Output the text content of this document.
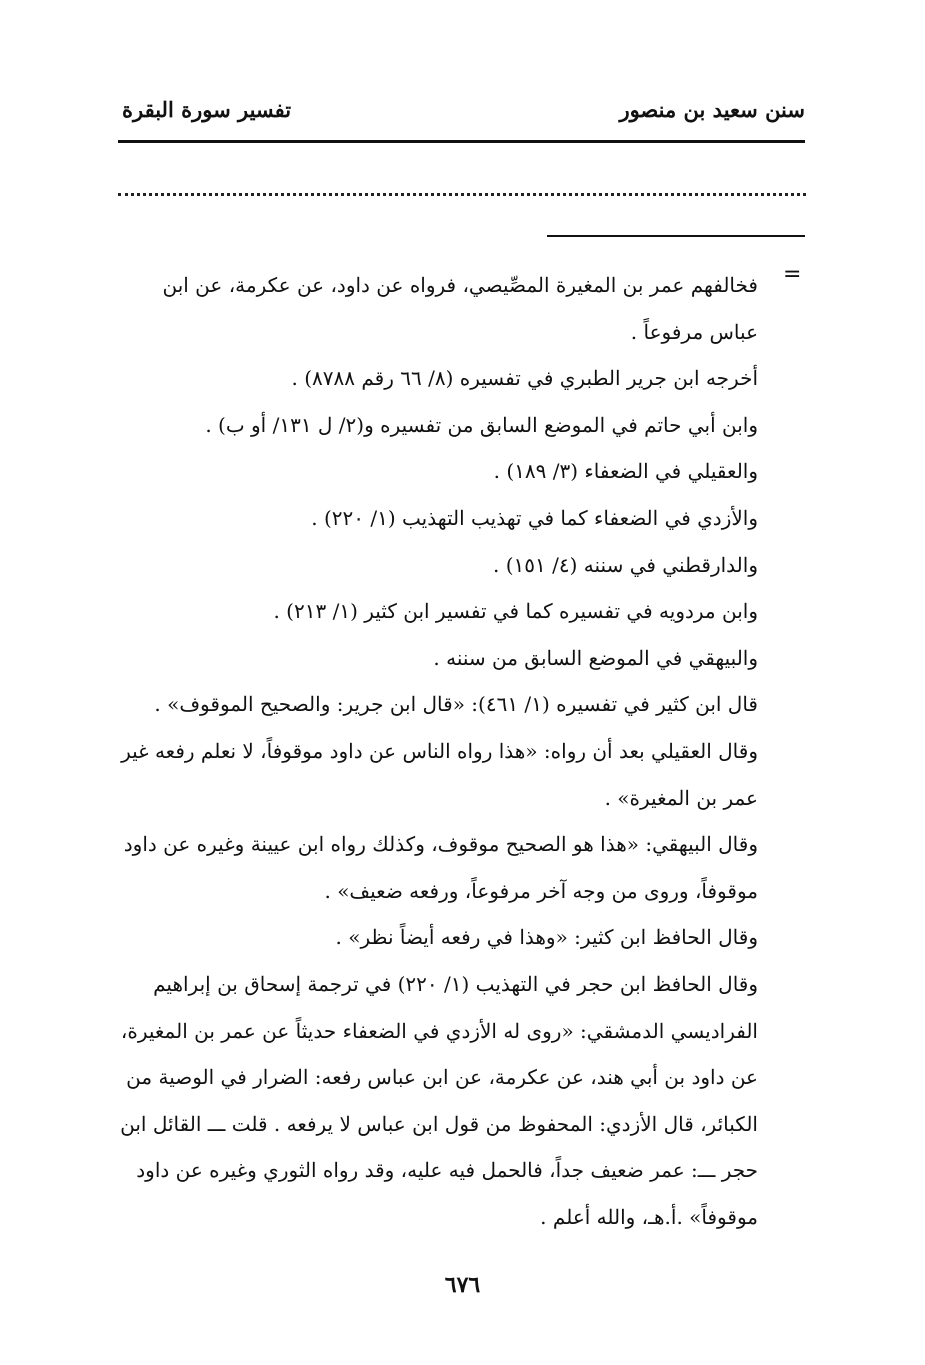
سنن سعيد بن منصور
تفسير سورة البقرة
=

فخالفهم عمر بن المغيرة المصِّيصي، فرواه عن داود، عن عكرمة، عن ابن عباس مرفوعاً .

أخرجه ابن جرير الطبري في تفسيره (٨/ ٦٦ رقم ٨٧٨٨) .

وابن أبي حاتم في الموضع السابق من تفسيره و(٢/ ل ١٣١/ أو ب) .

والعقيلي في الضعفاء (٣/ ١٨٩) .

والأزدي في الضعفاء كما في تهذيب التهذيب (١/ ٢٢٠) .

والدارقطني في سننه (٤/ ١٥١) .

وابن مردويه في تفسيره كما في تفسير ابن كثير (١/ ٢١٣) .

والبيهقي في الموضع السابق من سننه .

قال ابن كثير في تفسيره (١/ ٤٦١): «قال ابن جرير: والصحيح الموقوف» .

وقال العقيلي بعد أن رواه: «هذا رواه الناس عن داود موقوفاً، لا نعلم رفعه غير عمر بن المغيرة» .

وقال البيهقي: «هذا هو الصحيح موقوف، وكذلك رواه ابن عيينة وغيره عن داود موقوفاً، وروى من وجه آخر مرفوعاً، ورفعه ضعيف» .

وقال الحافظ ابن كثير: «وهذا في رفعه أيضاً نظر» .

وقال الحافظ ابن حجر في التهذيب (١/ ٢٢٠) في ترجمة إسحاق بن إبراهيم الفراديسي الدمشقي: «روى له الأزدي في الضعفاء حديثاً عن عمر بن المغيرة، عن داود بن أبي هند، عن عكرمة، عن ابن عباس رفعه: الضرار في الوصية من الكبائر، قال الأزدي: المحفوظ من قول ابن عباس لا يرفعه . قلت ـــ القائل ابن حجر ـــ: عمر ضعيف جداً، فالحمل فيه عليه، وقد رواه الثوري وغيره عن داود موقوفاً» .أ.هـ، والله أعلم .

٦٧٦
